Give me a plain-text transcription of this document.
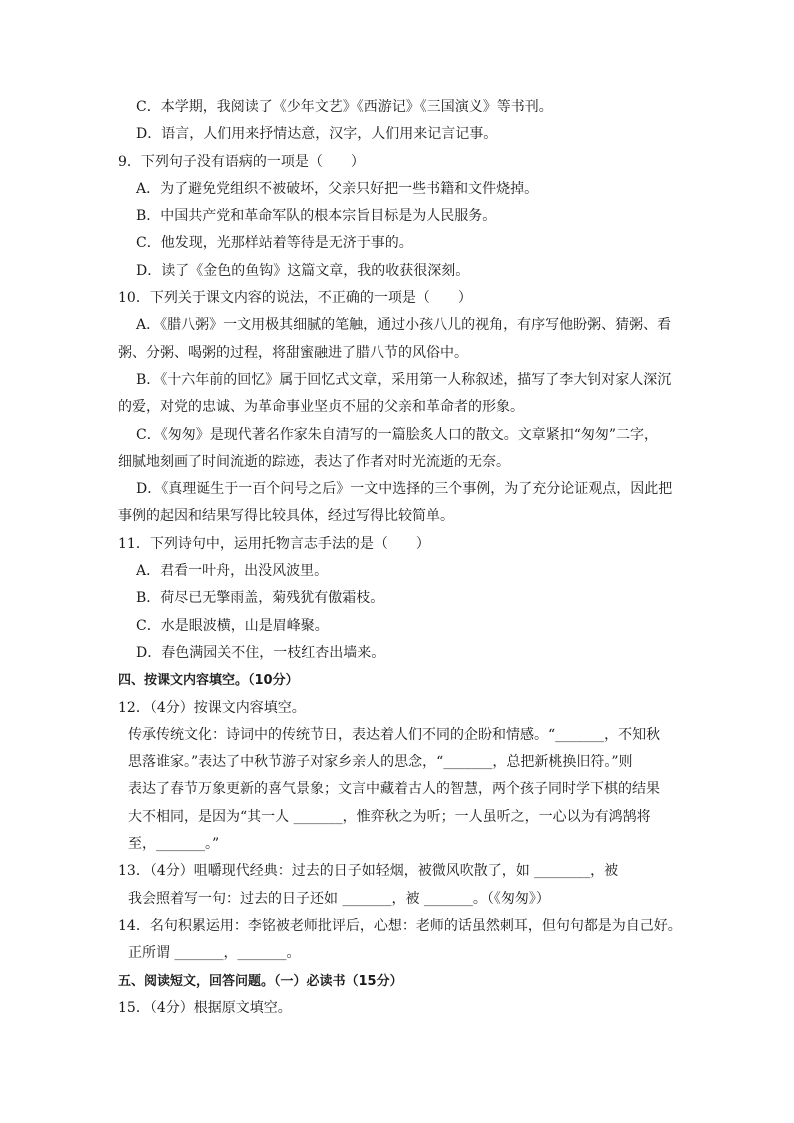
C．本学期，我阅读了《少年文艺》《西游记》《三国演义》等书刊。
D．语言，人们用来抒情达意，汉字，人们用来记言记事。
9．下列句子没有语病的一项是（　　）
A．为了避免党组织不被破坏，父亲只好把一些书籍和文件烧掉。
B．中国共产党和革命军队的根本宗旨目标是为人民服务。
C．他发现，光那样站着等待是无济于事的。
D．读了《金色的鱼钩》这篇文章，我的收获很深刻。
10．下列关于课文内容的说法，不正确的一项是（　　）
A．《腊八粥》一文用极其细腻的笔触，通过小孩八儿的视角，有序写他盼粥、猜粥、看
粥、分粥、喝粥的过程，将甜蜜融进了腊八节的风俗中。
B．《十六年前的回忆》属于回忆式文章，采用第一人称叙述，描写了李大钊对家人深沉
的爱，对党的忠诚、为革命事业坚贞不屈的父亲和革命者的形象。
C．《匆匆》是现代著名作家朱自清写的一篇脍炙人口的散文。文章紧扣“匆匆”二字，
细腻地刻画了时间流逝的踪迹，表达了作者对时光流逝的无奈。
D．《真理诞生于一百个问号之后》一文中选择的三个事例，为了充分论证观点，因此把
事例的起因和结果写得比较具体，经过写得比较简单。
11．下列诗句中，运用托物言志手法的是（　　）
A．君看一叶舟，出没风波里。
B．荷尽已无擎雨盖，菊残犹有傲霜枝。
C．水是眼波横，山是眉峰聚。
D．春色满园关不住，一枝红杏出墙来。
四、按课文内容填空。（10分）
12．（4分）按课文内容填空。
传承传统文化：诗词中的传统节日，表达着人们不同的企盼和情感。“_______，不知秋
思落谁家。”表达了中秋节游子对家乡亲人的思念，“_______，总把新桃换旧符。”则
表达了春节万象更新的喜气景象；文言中藏着古人的智慧，两个孩子同时学下棋的结果
大不相同，是因为“其一人 _______，惟弈秋之为听；一人虽听之，一心以为有鸿鹄将
至，_______。”
13．（4分）咀嚼现代经典：过去的日子如轻烟，被微风吹散了，如 ________，被
我会照着写一句：过去的日子还如 _______，被 _______。（《匆匆》）
14．名句积累运用：李铭被老师批评后，心想：老师的话虽然刺耳，但句句都是为自己好。
正所谓 _______，_______。
五、阅读短文，回答问题。（一）必读书（15分）
15．（4分）根据原文填空。
